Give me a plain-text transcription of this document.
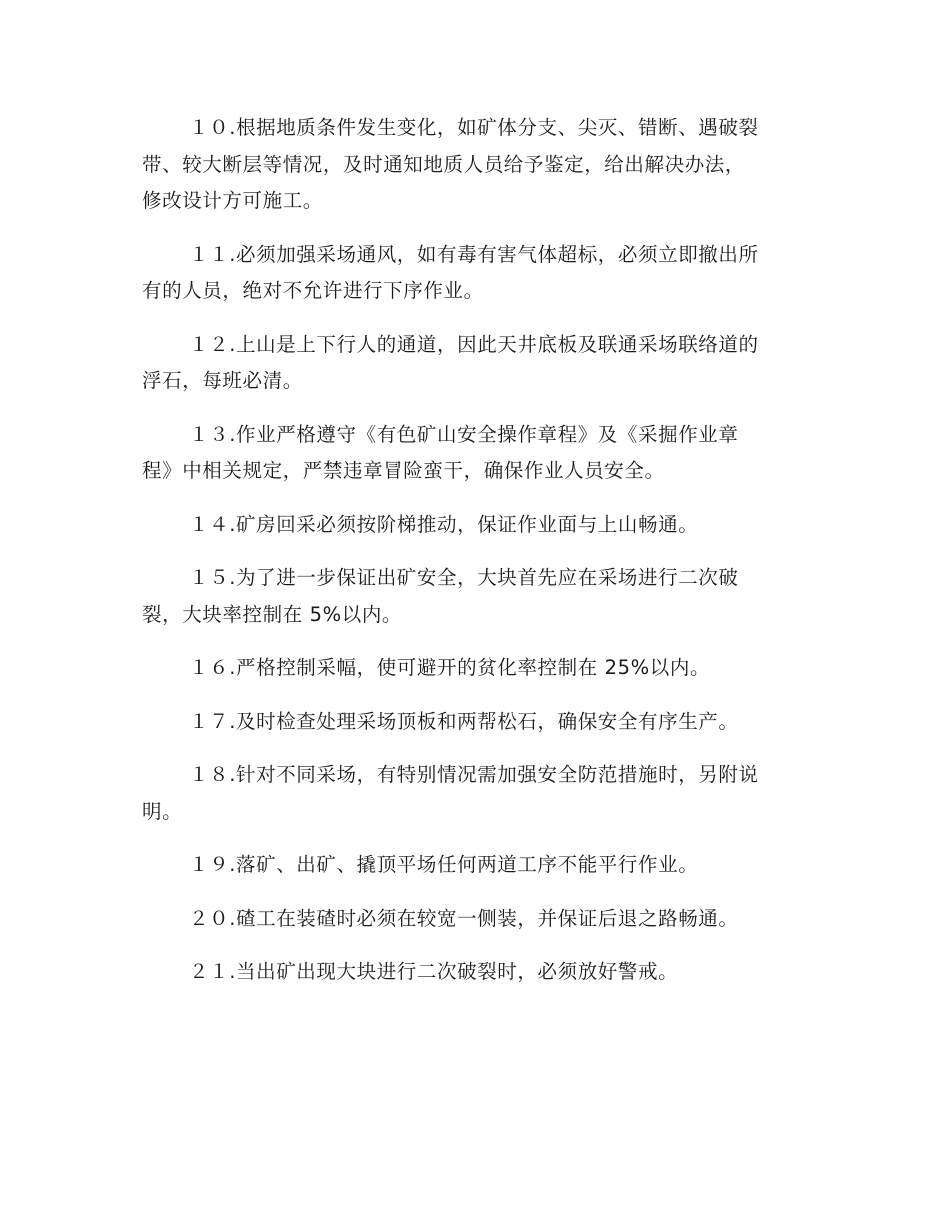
１０.根据地质条件发生变化，如矿体分支、尖灭、错断、遇破裂
带、较大断层等情况，及时通知地质人员给予鉴定，给出解决办法，
修改设计方可施工。

１１.必须加强采场通风，如有毒有害气体超标，必须立即撤出所
有的人员，绝对不允许进行下序作业。

１２.上山是上下行人的通道，因此天井底板及联通采场联络道的
浮石，每班必清。

１３.作业严格遵守《有色矿山安全操作章程》及《采掘作业章
程》中相关规定，严禁违章冒险蛮干，确保作业人员安全。

１４.矿房回采必须按阶梯推动，保证作业面与上山畅通。

１５.为了进一步保证出矿安全，大块首先应在采场进行二次破
裂，大块率控制在 5%以内。

１６.严格控制采幅，使可避开的贫化率控制在 25%以内。

１７.及时检查处理采场顶板和两帮松石，确保安全有序生产。

１８.针对不同采场，有特别情况需加强安全防范措施时，另附说
明。

１９.落矿、出矿、撬顶平场任何两道工序不能平行作业。

２０.碴工在装碴时必须在较宽一侧装，并保证后退之路畅通。

２１.当出矿出现大块进行二次破裂时，必须放好警戒。
